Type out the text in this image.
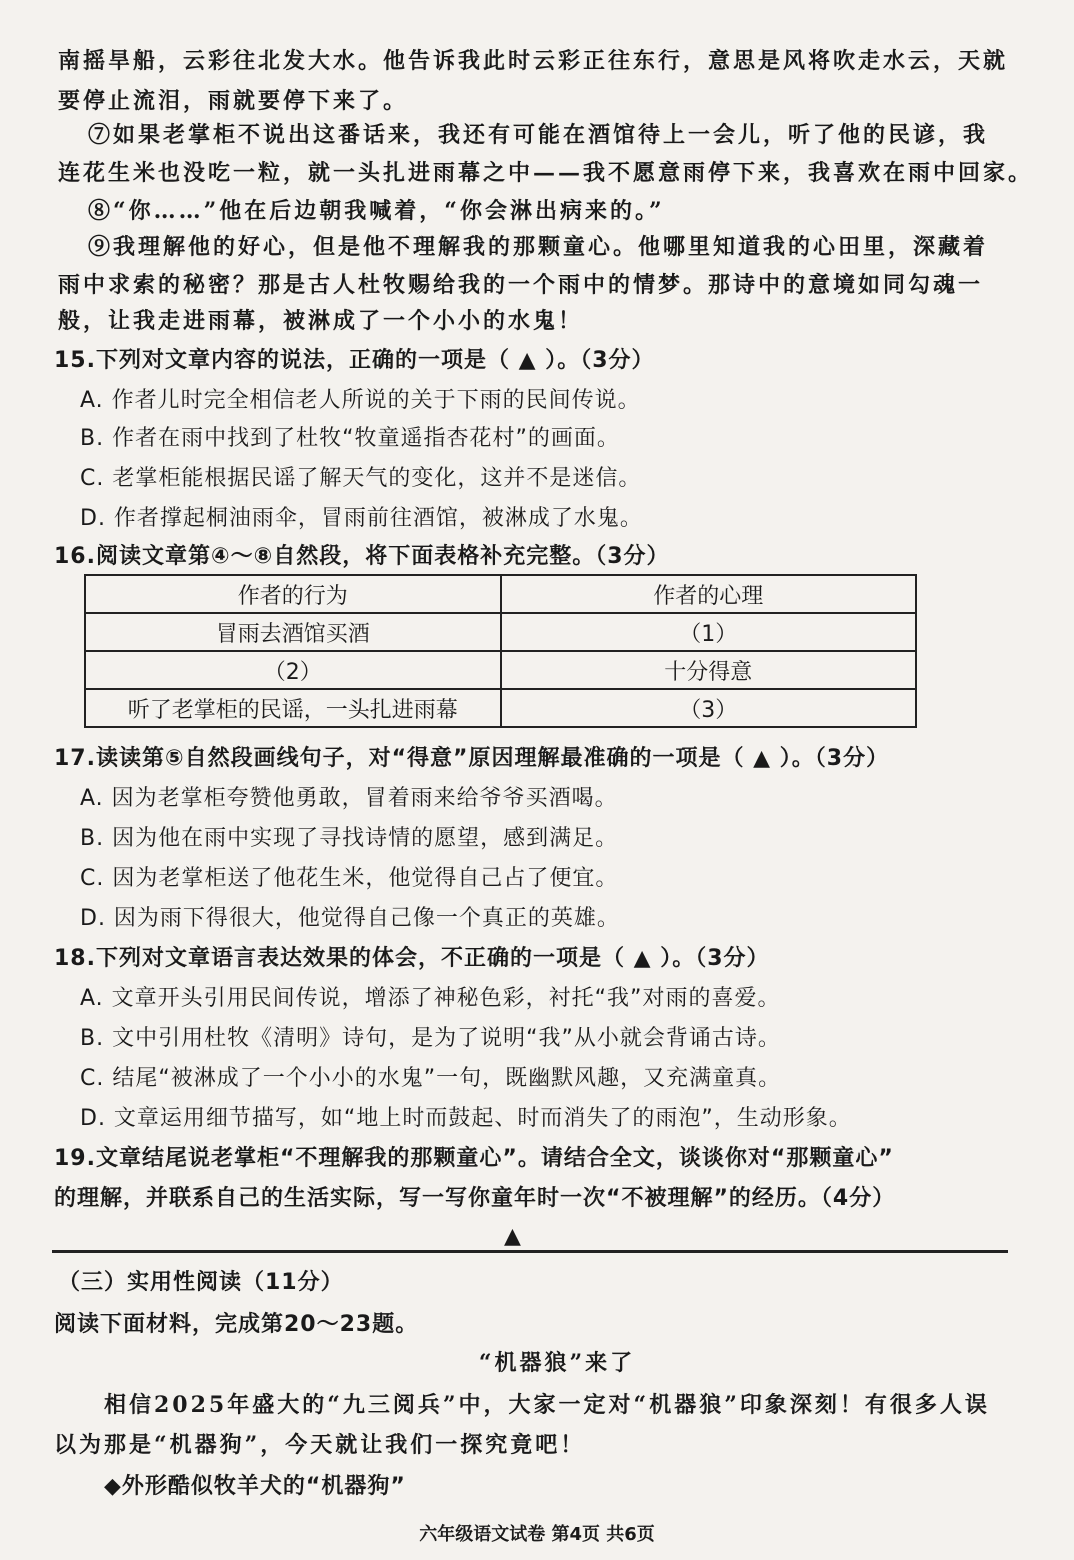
南摇旱船，云彩往北发大水。他告诉我此时云彩正往东行，意思是风将吹走水云，天就
要停止流泪，雨就要停下来了。
⑦如果老掌柜不说出这番话来，我还有可能在酒馆待上一会儿，听了他的民谚，我
连花生米也没吃一粒，就一头扎进雨幕之中——我不愿意雨停下来，我喜欢在雨中回家。
⑧“你……”他在后边朝我喊着，“你会淋出病来的。”
⑨我理解他的好心，但是他不理解我的那颗童心。他哪里知道我的心田里，深藏着
雨中求索的秘密？那是古人杜牧赐给我的一个雨中的情梦。那诗中的意境如同勾魂一
般，让我走进雨幕，被淋成了一个小小的水鬼！
15.下列对文章内容的说法，正确的一项是（ ▲ ）。（3分）
A. 作者儿时完全相信老人所说的关于下雨的民间传说。
B. 作者在雨中找到了杜牧“牧童遥指杏花村”的画面。
C. 老掌柜能根据民谣了解天气的变化，这并不是迷信。
D. 作者撑起桐油雨伞，冒雨前往酒馆，被淋成了水鬼。
16.阅读文章第④～⑧自然段，将下面表格补充完整。（3分）
作者的行为	作者的心理
冒雨去酒馆买酒	（1）
（2）	十分得意
听了老掌柜的民谣，一头扎进雨幕	（3）
17.读读第⑤自然段画线句子，对“得意”原因理解最准确的一项是（ ▲ ）。（3分）
A. 因为老掌柜夸赞他勇敢，冒着雨来给爷爷买酒喝。
B. 因为他在雨中实现了寻找诗情的愿望，感到满足。
C. 因为老掌柜送了他花生米，他觉得自己占了便宜。
D. 因为雨下得很大，他觉得自己像一个真正的英雄。
18.下列对文章语言表达效果的体会，不正确的一项是（ ▲ ）。（3分）
A. 文章开头引用民间传说，增添了神秘色彩，衬托“我”对雨的喜爱。
B. 文中引用杜牧《清明》诗句，是为了说明“我”从小就会背诵古诗。
C. 结尾“被淋成了一个小小的水鬼”一句，既幽默风趣，又充满童真。
D. 文章运用细节描写，如“地上时而鼓起、时而消失了的雨泡”，生动形象。
19.文章结尾说老掌柜“不理解我的那颗童心”。请结合全文，谈谈你对“那颗童心”
的理解，并联系自己的生活实际，写一写你童年时一次“不被理解”的经历。（4分）
▲
（三）实用性阅读（11分）
阅读下面材料，完成第20～23题。
“机器狼”来了
相信2025年盛大的“九三阅兵”中，大家一定对“机器狼”印象深刻！有很多人误
以为那是“机器狗”，今天就让我们一探究竟吧！
◆外形酷似牧羊犬的“机器狗”
六年级语文试卷 第4页 共6页
